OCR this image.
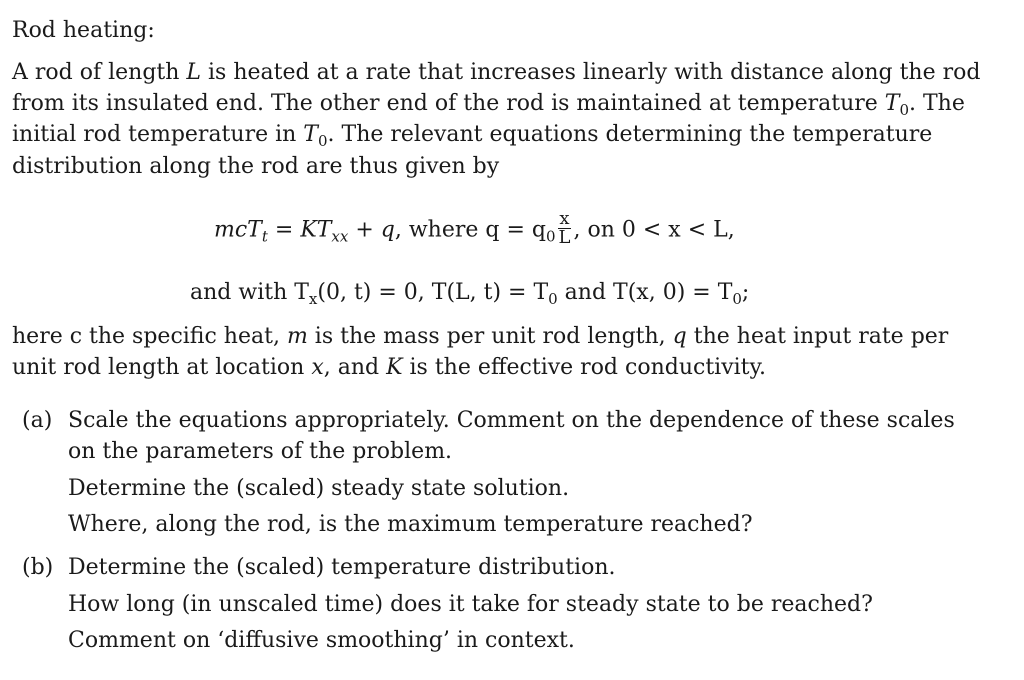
Rod heating:
A rod of length L is heated at a rate that increases linearly with distance along the rod
from its insulated end. The other end of the rod is maintained at temperature $T_0$. The
initial rod temperature in $T_0$. The relevant equations determining the temperature
distribution along the rod are thus given by
$mcT_t = KT_{xx} + q$, where $q = q_0 \frac{x}{L}$ , on 0 < x < L,
and with $T_x(0$, t) = 0, T(L, $t) = T_0$ and T(x, $0) = T_0$;
here c the specific heat, m is the mass per unit rod length, q the heat input rate per
unit rod length at location x, and K is the effective rod conductivity.
(a) Scale the equations appropriately. Comment on the dependence of these scales
on the parameters of the problem.
Determine the (scaled) steady state solution.
Where, along the rod, is the maximum temperature reached?
(b) Determine the (scaled) temperature distribution.
How long (in unscaled time) does it take for steady state to be reached?
Comment on ‘diffusive smoothing’ in context.
